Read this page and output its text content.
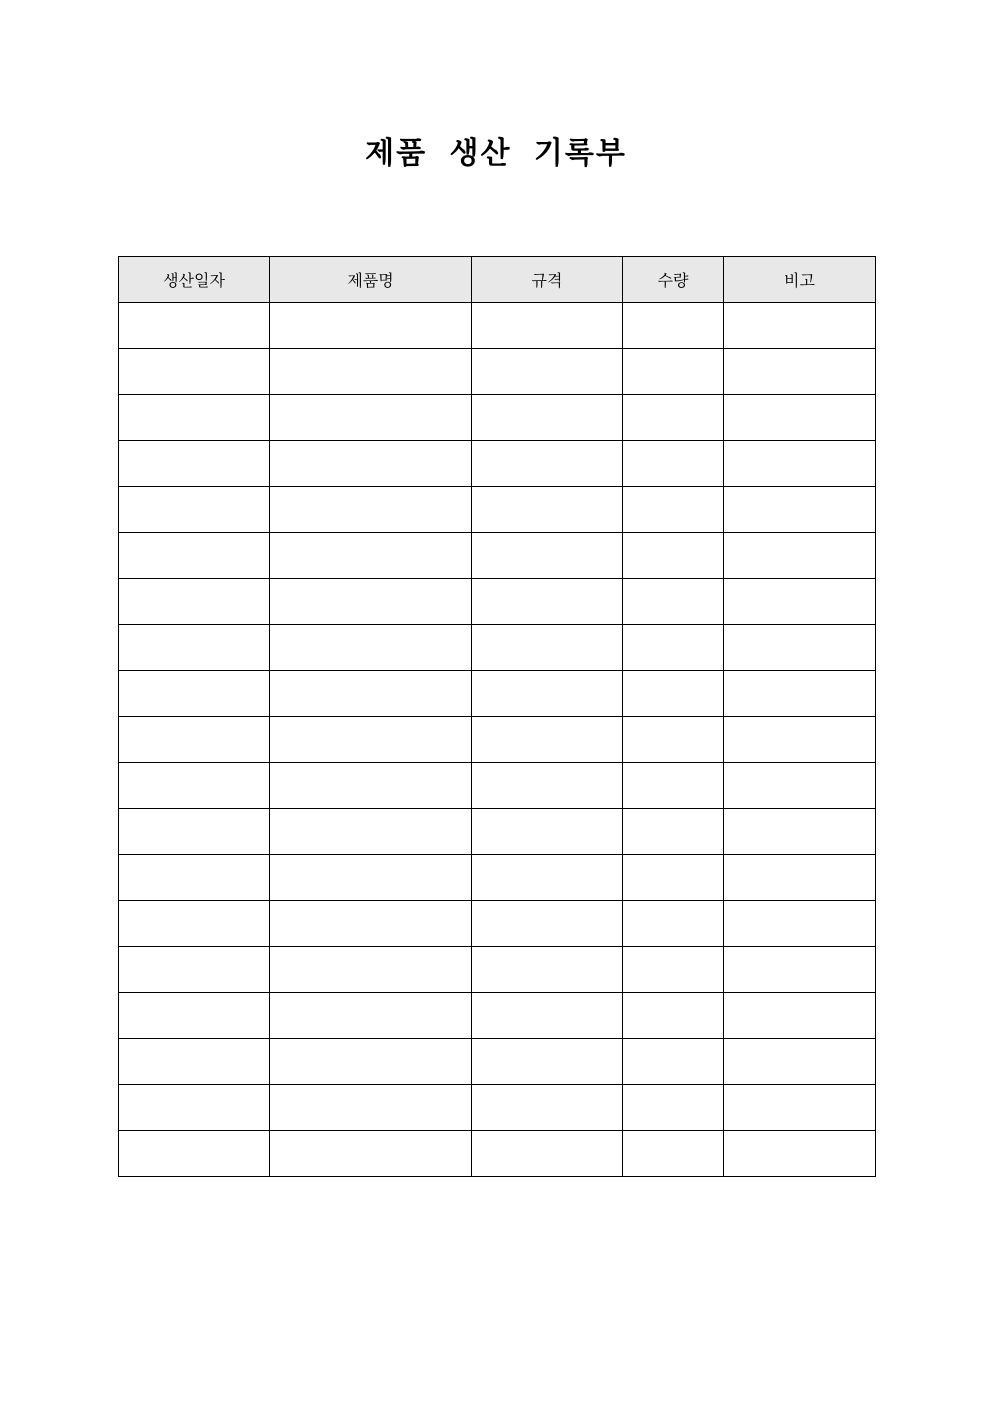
제품 생산 기록부
생산일자	제품명	규격	수량	비고
